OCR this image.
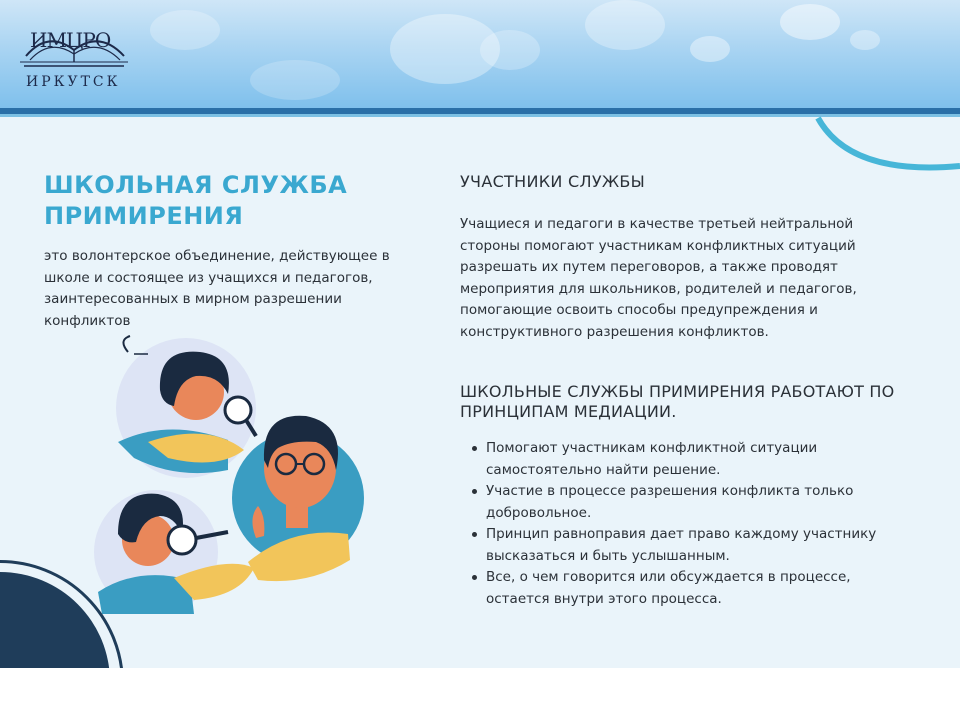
ИМЦРО
ИРКУТСК
ШКОЛЬНАЯ СЛУЖБА
ПРИМИРЕНИЯ
это волонтерское объединение, действующее в школе и состоящее из учащихся и педагогов, заинтересованных в мирном разрешении конфликтов
УЧАСТНИКИ СЛУЖБЫ
Учащиеся и педагоги в качестве третьей нейтральной стороны помогают участникам конфликтных ситуаций разрешать их путем переговоров, а также проводят мероприятия для школьников, родителей и педагогов, помогающие освоить способы предупреждения и конструктивного разрешения конфликтов.
ШКОЛЬНЫЕ СЛУЖБЫ ПРИМИРЕНИЯ РАБОТАЮТ ПО ПРИНЦИПАМ МЕДИАЦИИ.
Помогают участникам конфликтной ситуации самостоятельно найти решение.
Участие в процессе разрешения конфликта только добровольное.
Принцип равноправия дает право каждому участнику высказаться и быть услышанным.
Все, о чем говорится или обсуждается в процессе, остается внутри этого процесса.
